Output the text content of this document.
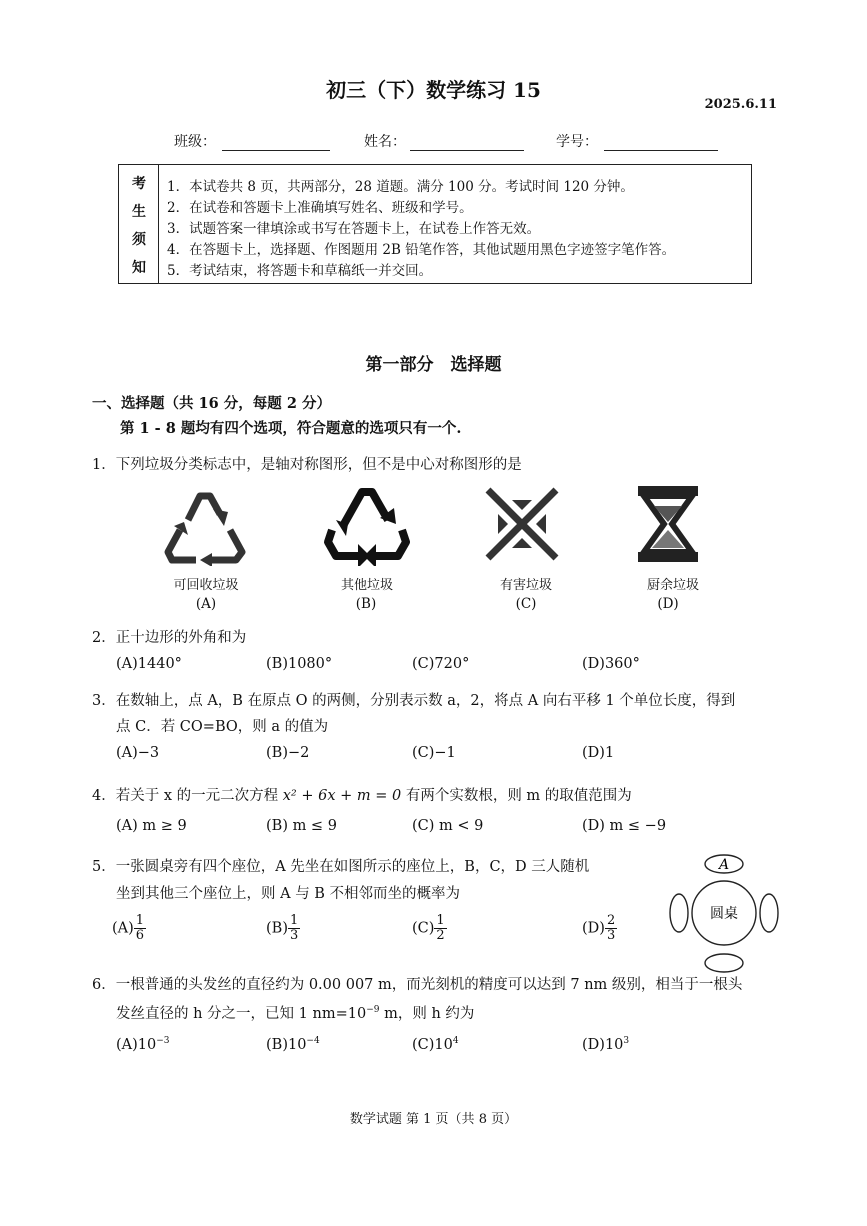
初三（下）数学练习 15
2025.6.11
班级：	姓名：	学号：
考
生
须
知
1．本试卷共 8 页，共两部分，28 道题。满分 100 分。考试时间 120 分钟。
2．在试卷和答题卡上准确填写姓名、班级和学号。
3．试题答案一律填涂或书写在答题卡上，在试卷上作答无效。
4．在答题卡上，选择题、作图题用 2B 铅笔作答，其他试题用黑色字迹签字笔作答。
5．考试结束，将答题卡和草稿纸一并交回。
第一部分　选择题
一、选择题（共 16 分，每题 2 分）
第 1 - 8 题均有四个选项，符合题意的选项只有一个.
1．下列垃圾分类标志中，是轴对称图形，但不是中心对称图形的是
可回收垃圾	其他垃圾	有害垃圾	厨余垃圾
(A)	(B)	(C)	(D)
2．正十边形的外角和为
(A)1440°	(B)1080°	(C)720°	(D)360°
3．在数轴上，点 A，B 在原点 O 的两侧，分别表示数 a，2，将点 A 向右平移 1 个单位长度，得到
点 C．若 CO=BO，则 a 的值为
(A)−3	(B)−2	(C)−1	(D)1
4．若关于 x 的一元二次方程 x² + 6x + m = 0 有两个实数根，则 m 的取值范围为
(A) m ≥ 9	(B) m ≤ 9	(C) m < 9	(D) m ≤ −9
5．一张圆桌旁有四个座位，A 先坐在如图所示的座位上，B，C，D 三人随机
坐到其他三个座位上，则 A 与 B 不相邻而坐的概率为
$(A) \frac{1}{6}$	$(B) \frac{1}{3}$	$(C) \frac{1}{2}$	$(D) \frac{2}{3}$
A
圆桌
6．一根普通的头发丝的直径约为 0.00 007 m，而光刻机的精度可以达到 7 nm 级别，相当于一根头
发丝直径的 h 分之一，已知 1 $nm=10^{-9}$ m，则 h 约为
$(A)10^{-3}$	$(B)10^{-4}$	$(C)10^4$	$(D)10^3$
数学试题 第 1 页（共 8 页）
